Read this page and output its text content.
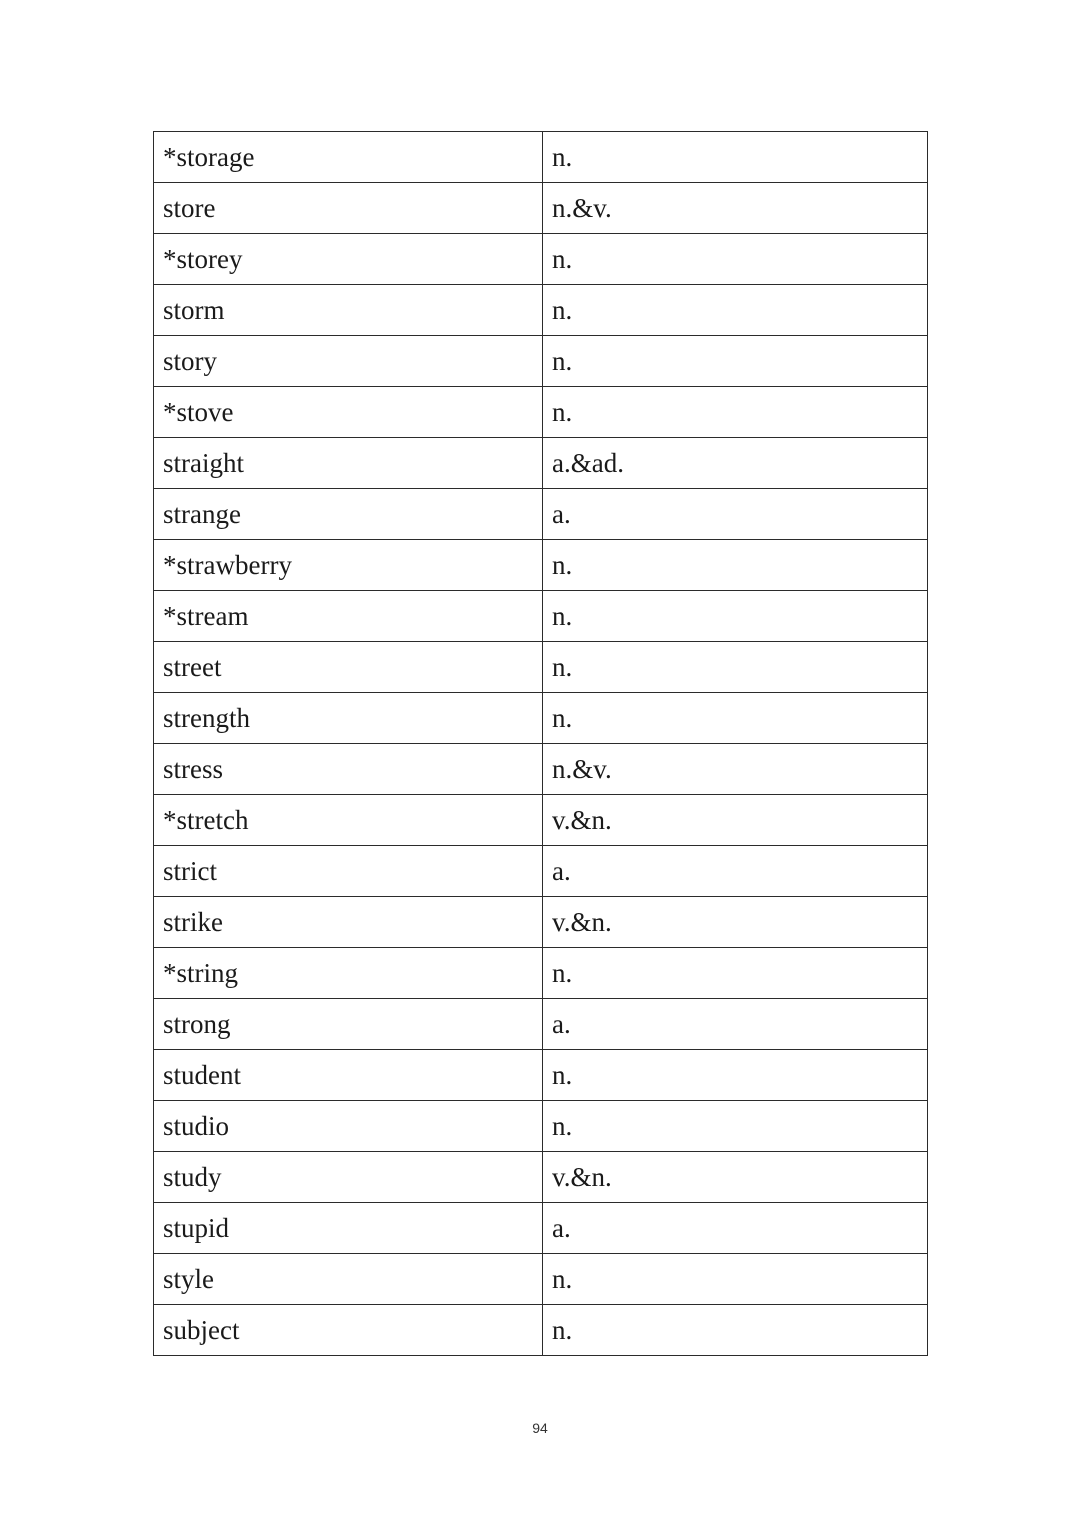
*storage	n.
store	n.&v.
*storey	n.
storm	n.
story	n.
*stove	n.
straight	a.&ad.
strange	a.
*strawberry	n.
*stream	n.
street	n.
strength	n.
stress	n.&v.
*stretch	v.&n.
strict	a.
strike	v.&n.
*string	n.
strong	a.
student	n.
studio	n.
study	v.&n.
stupid	a.
style	n.
subject	n.
94
